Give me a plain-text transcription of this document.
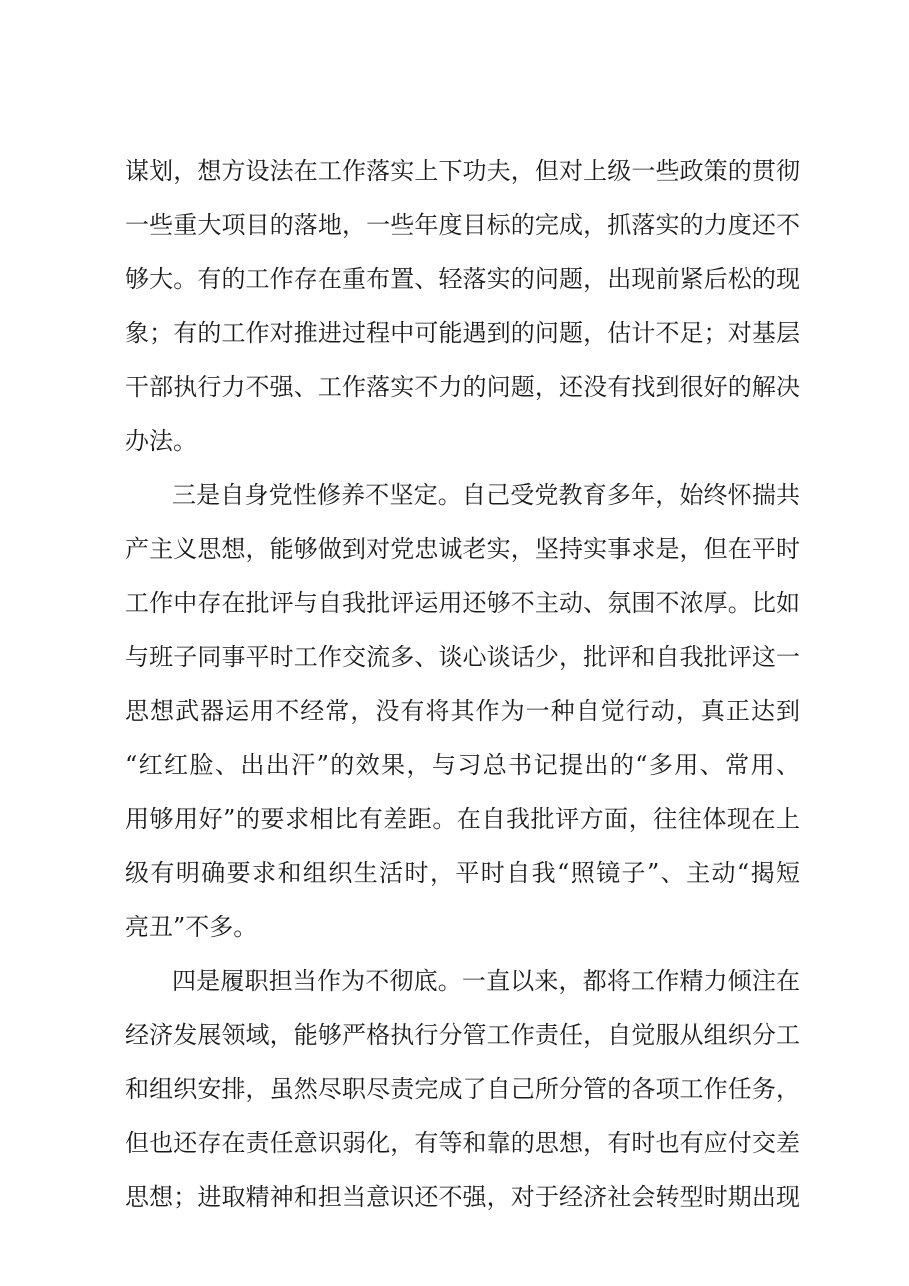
谋划，想方设法在工作落实上下功夫，但对上级一些政策的贯彻
一些重大项目的落地，一些年度目标的完成，抓落实的力度还不
够大。有的工作存在重布置、轻落实的问题，出现前紧后松的现
象；有的工作对推进过程中可能遇到的问题，估计不足；对基层
干部执行力不强、工作落实不力的问题，还没有找到很好的解决
办法。
三是自身党性修养不坚定。自己受党教育多年，始终怀揣共
产主义思想，能够做到对党忠诚老实，坚持实事求是，但在平时
工作中存在批评与自我批评运用还够不主动、氛围不浓厚。比如
与班子同事平时工作交流多、谈心谈话少，批评和自我批评这一
思想武器运用不经常，没有将其作为一种自觉行动，真正达到
“红红脸、出出汗”的效果，与习总书记提出的“多用、常用、
用够用好”的要求相比有差距。在自我批评方面，往往体现在上
级有明确要求和组织生活时，平时自我“照镜子”、主动“揭短
亮丑”不多。
四是履职担当作为不彻底。一直以来，都将工作精力倾注在
经济发展领域，能够严格执行分管工作责任，自觉服从组织分工
和组织安排，虽然尽职尽责完成了自己所分管的各项工作任务，
但也还存在责任意识弱化，有等和靠的思想，有时也有应付交差
思想；进取精神和担当意识还不强，对于经济社会转型时期出现
